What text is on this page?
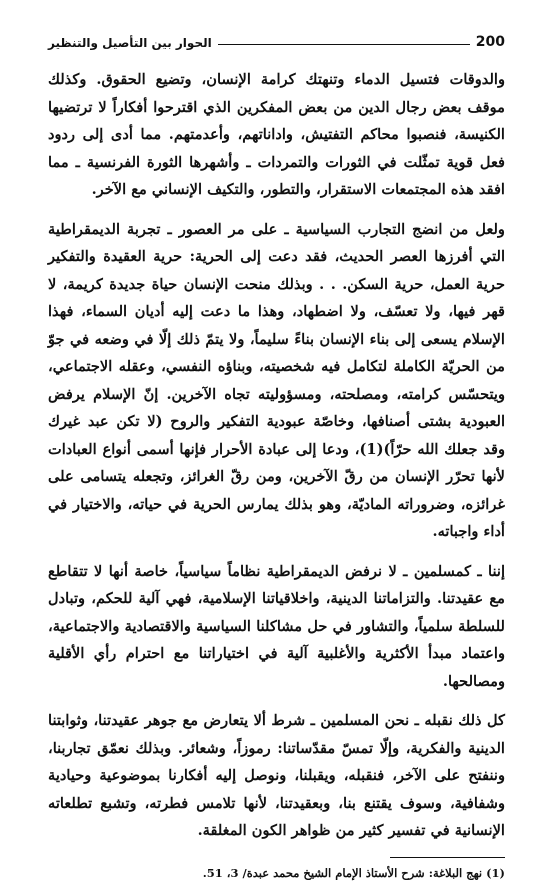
الحوار بين التأصيل والتنظير	200

والدوقات فتسيل الدماء وتنهتك كرامة الإنسان، وتضيع الحقوق. وكذلك موقف بعض رجال الدين من بعض المفكرين الذي اقترحوا أفكاراً لا ترتضيها الكنيسة، فنصبوا محاكم التفتيش، واداناتهم، وأعدمتهم. مما أدى إلى ردود فعل قوية تمثّلت في الثورات والتمردات ـ وأشهرها الثورة الفرنسية ـ مما افقد هذه المجتمعات الاستقرار، والتطور، والتكيف الإنساني مع الآخر.

ولعل من انضج التجارب السياسية ـ على مر العصور ـ تجربة الديمقراطية التي أفرزها العصر الحديث، فقد دعت إلى الحرية: حرية العقيدة والتفكير حرية العمل، حرية السكن. . . وبذلك منحت الإنسان حياة جديدة كريمة، لا قهر فيها، ولا تعسّف، ولا اضطهاد، وهذا ما دعت إليه أديان السماء، فهذا الإسلام يسعى إلى بناء الإنسان بناءً سليماً، ولا يتمّ ذلك إلّا في وضعه في جوّ من الحريّة الكاملة لتكامل فيه شخصيته، وبناؤه النفسي، وعقله الاجتماعي، ويتحسّس كرامته، ومصلحته، ومسؤوليته تجاه الآخرين. إنّ الإسلام يرفض العبودية بشتى أصنافها، وخاصّة عبودية التفكير والروح (لا تكن عبد غيرك وقد جعلك الله حرّاً)(1)، ودعا إلى عبادة الأحرار فإنها أسمى أنواع العبادات لأنها تحرّر الإنسان من رقّ الآخرين، ومن رقّ الغرائز، وتجعله يتسامى على غرائزه، وضروراته الماديّة، وهو بذلك يمارس الحرية في حياته، والاختيار في أداء واجباته.

إننا ـ كمسلمين ـ لا نرفض الديمقراطية نظاماً سياسياً، خاصة أنها لا تتقاطع مع عقيدتنا. والتزاماتنا الدينية، واخلاقياتنا الإسلامية، فهي آلية للحكم، وتبادل للسلطة سلمياً، والتشاور في حل مشاكلنا السياسية والاقتصادية والاجتماعية، واعتماد مبدأ الأكثرية والأغلبية آلية في اختياراتنا مع احترام رأي الأقلية ومصالحها.

كل ذلك نقبله ـ نحن المسلمين ـ شرط ألا يتعارض مع جوهر عقيدتنا، وثوابتنا الدينية والفكرية، وإلّا تمسّ مقدّساتنا: رموزاً، وشعائر. وبذلك نعمّق تجاربنا، وننفتح على الآخر، فنقبله، ويقبلنا، ونوصل إليه أفكارنا بموضوعية وحيادية وشفافية، وسوف يقتنع بنا، وبعقيدتنا، لأنها تلامس فطرته، وتشبع تطلعاته الإنسانية في تفسير كثير من ظواهر الكون المغلقة.

(1) نهج البلاغة: شرح الأستاذ الإمام الشيخ محمد عبدة/ 3، 51.
